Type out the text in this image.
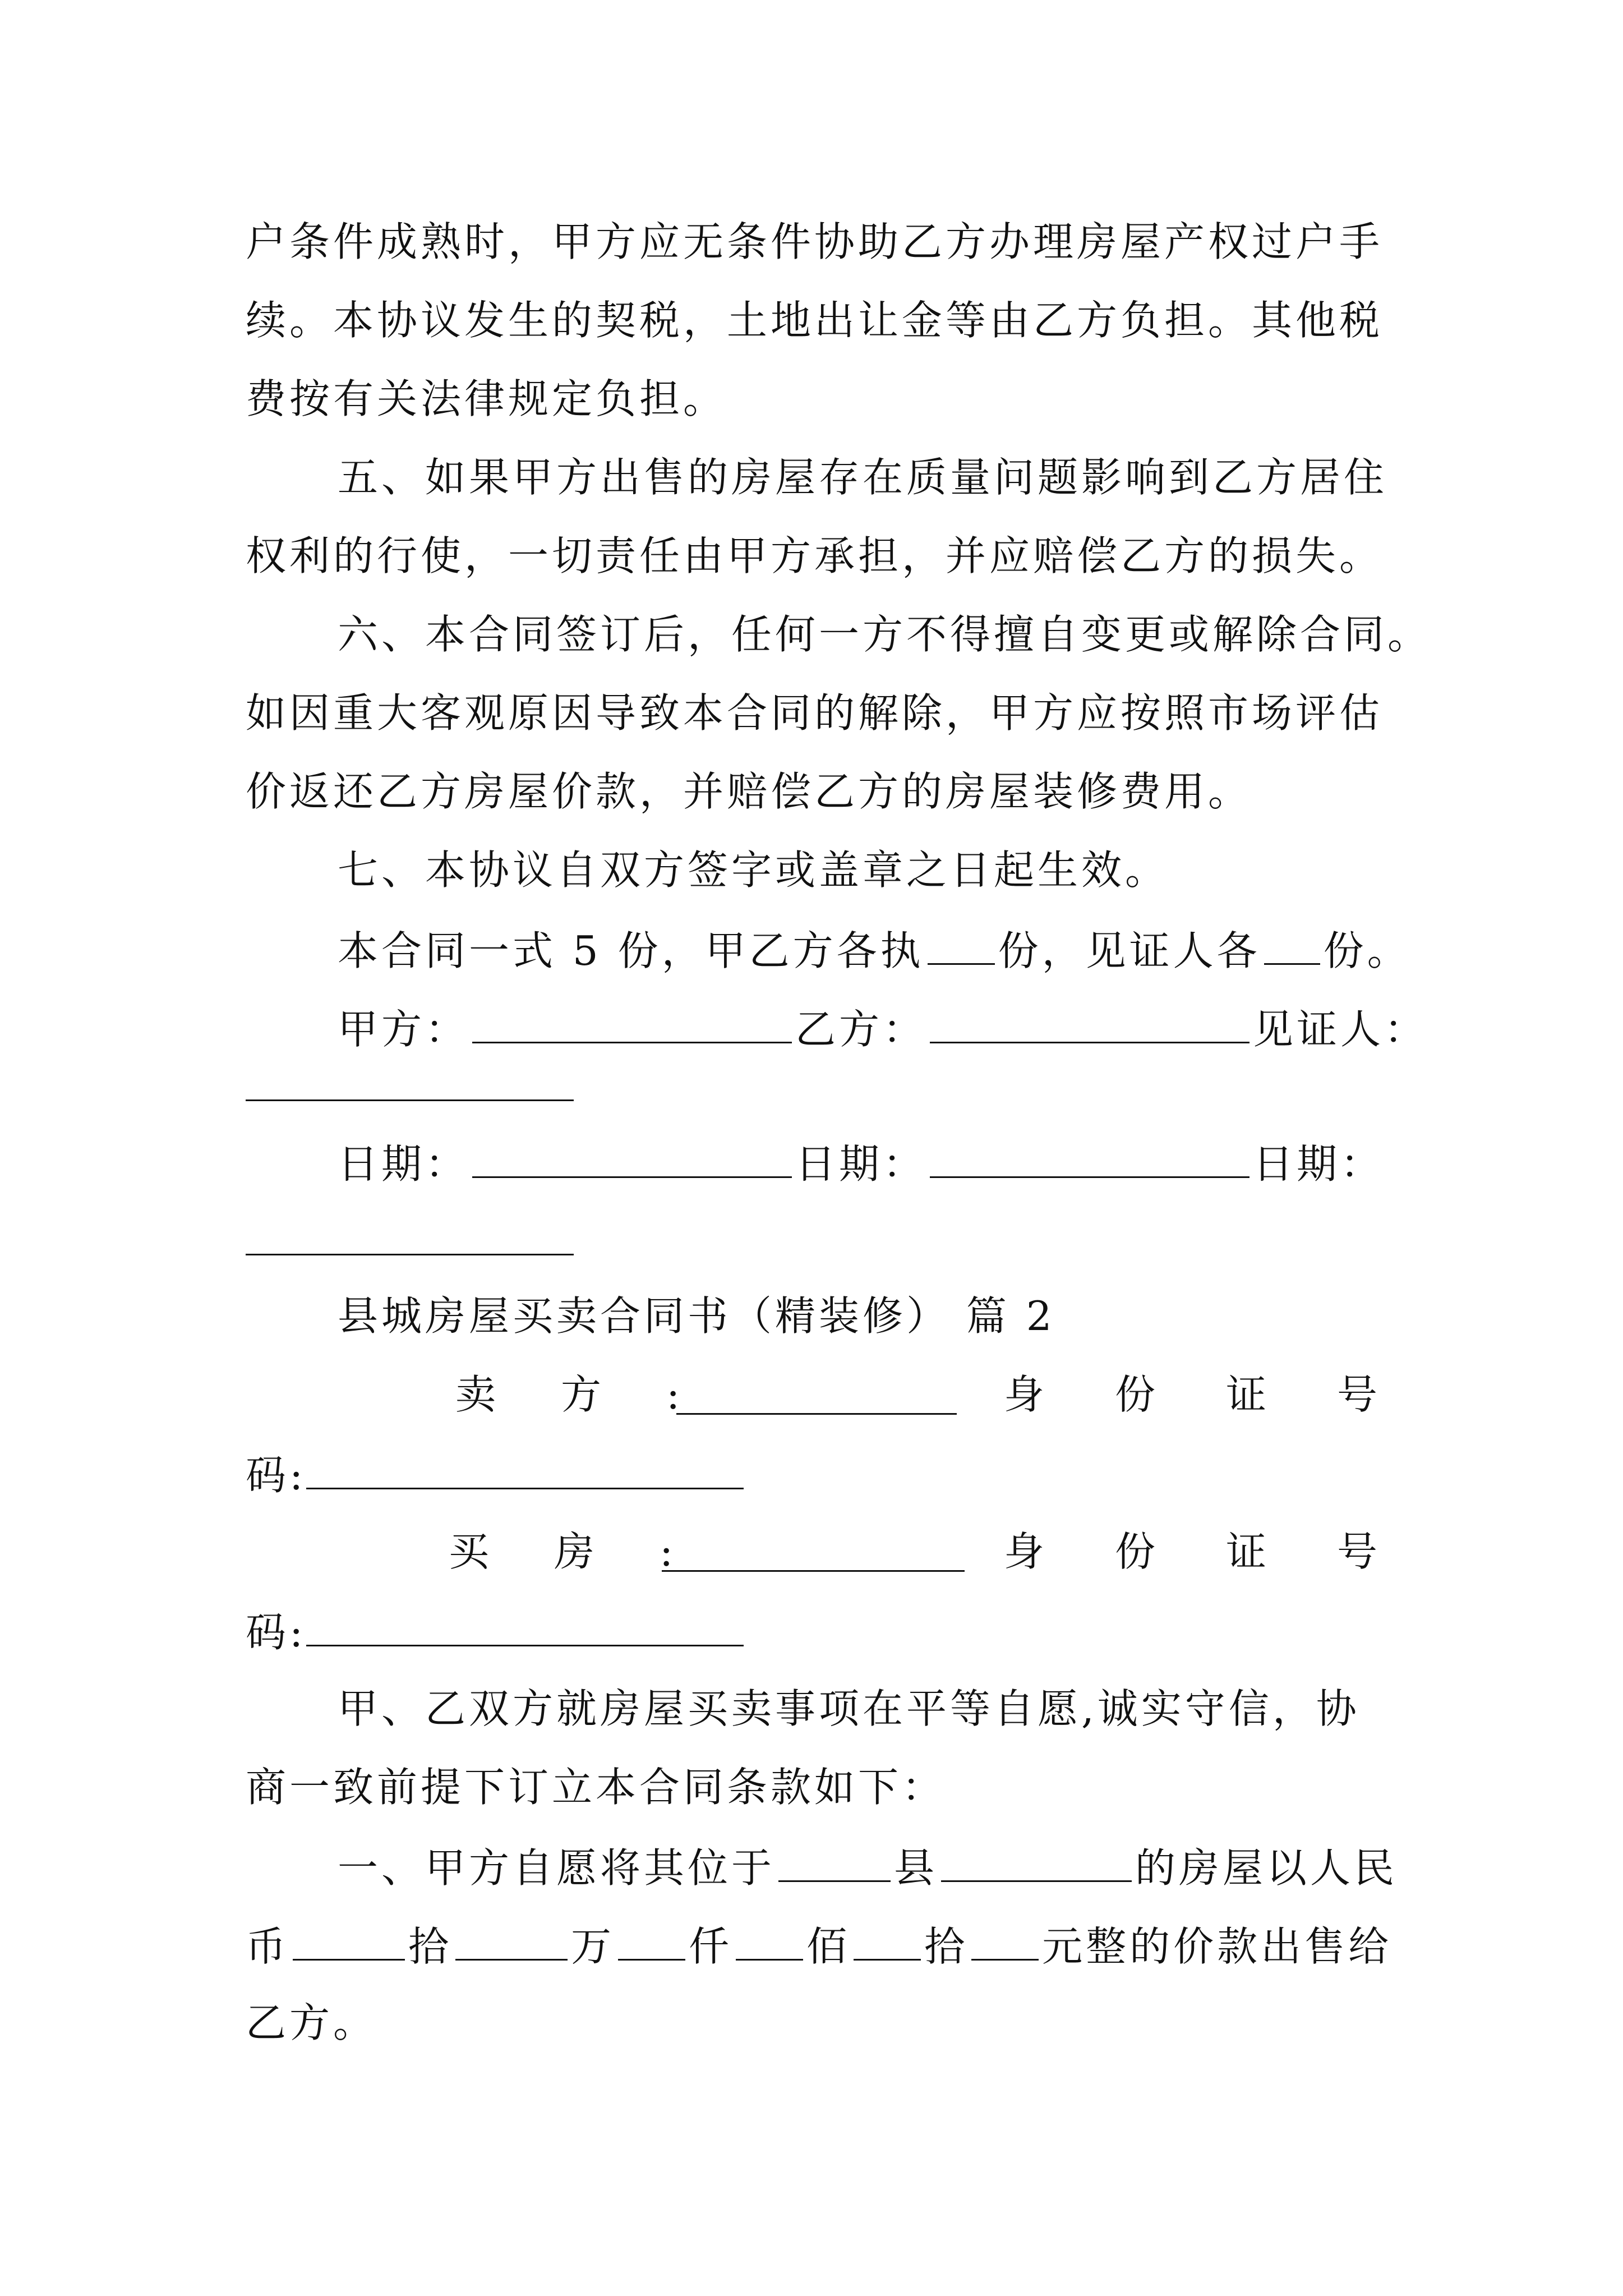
户条件成熟时，甲方应无条件协助乙方办理房屋产权过户手
续。本协议发生的契税，土地出让金等由乙方负担。其他税
费按有关法律规定负担。
五、如果甲方出售的房屋存在质量问题影响到乙方居住
权利的行使，一切责任由甲方承担，并应赔偿乙方的损失。
六、本合同签订后，任何一方不得擅自变更或解除合同。
如因重大客观原因导致本合同的解除，甲方应按照市场评估
价返还乙方房屋价款，并赔偿乙方的房屋装修费用。
七、本协议自双方签字或盖章之日起生效。
本合同一式 5 份，甲乙方各执 份，见证人各 份。
甲方：	乙方：	见证人：
日期：	日期：	日期：
县城房屋买卖合同书（精装修） 篇 2
卖 方 :	身 份 证 号
码:
买 房 :	身 份 证 号
码:
甲、乙双方就房屋买卖事项在平等自愿,诚实守信，协
商一致前提下订立本合同条款如下：
一、甲方自愿将其位于	县	的房屋以人民
币	拾	万 仟 佰 拾 元整的价款出售给
乙方。
